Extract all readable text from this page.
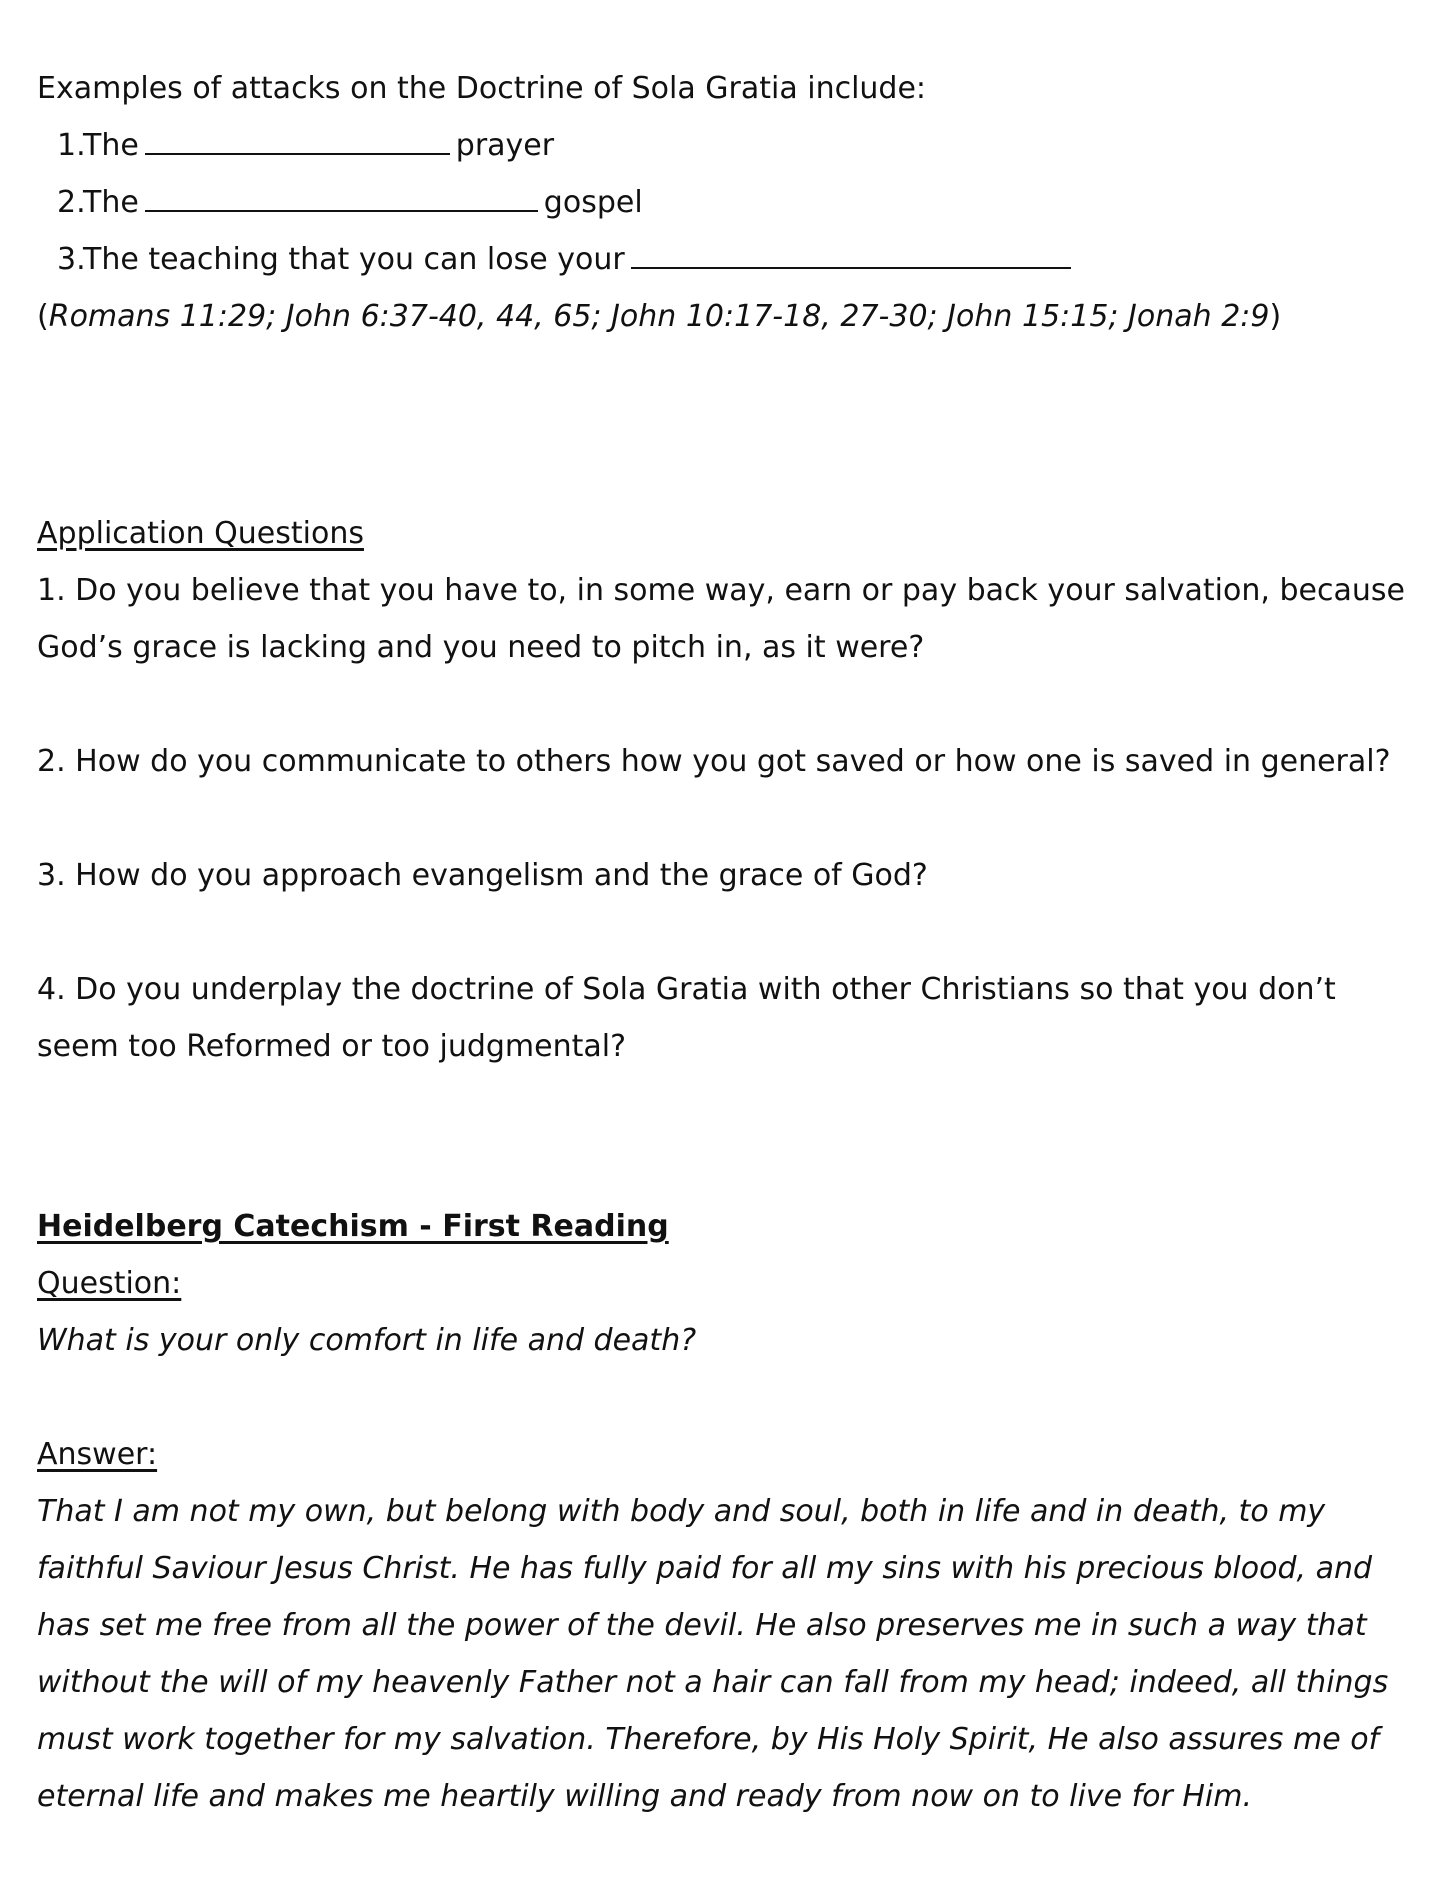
Examples of attacks on the Doctrine of Sola Gratia include:
1.The	prayer
2.The	gospel
3.The teaching that you can lose your
(Romans 11:29; John 6:37-40, 44, 65; John 10:17-18, 27-30; John 15:15; Jonah 2:9)
Application Questions
1. Do you believe that you have to, in some way, earn or pay back your salvation, because God’s grace is lacking and you need to pitch in, as it were?
2. How do you communicate to others how you got saved or how one is saved in general?
3. How do you approach evangelism and the grace of God?
4. Do you underplay the doctrine of Sola Gratia with other Christians so that you don’t seem too Reformed or too judgmental?
Heidelberg Catechism - First Reading
Question:
What is your only comfort in life and death?
Answer:
That I am not my own, but belong with body and soul, both in life and in death, to my faithful Saviour Jesus Christ. He has fully paid for all my sins with his precious blood, and has set me free from all the power of the devil. He also preserves me in such a way that without the will of my heavenly Father not a hair can fall from my head; indeed, all things must work together for my salvation. Therefore, by His Holy Spirit, He also assures me of eternal life and makes me heartily willing and ready from now on to live for Him.
